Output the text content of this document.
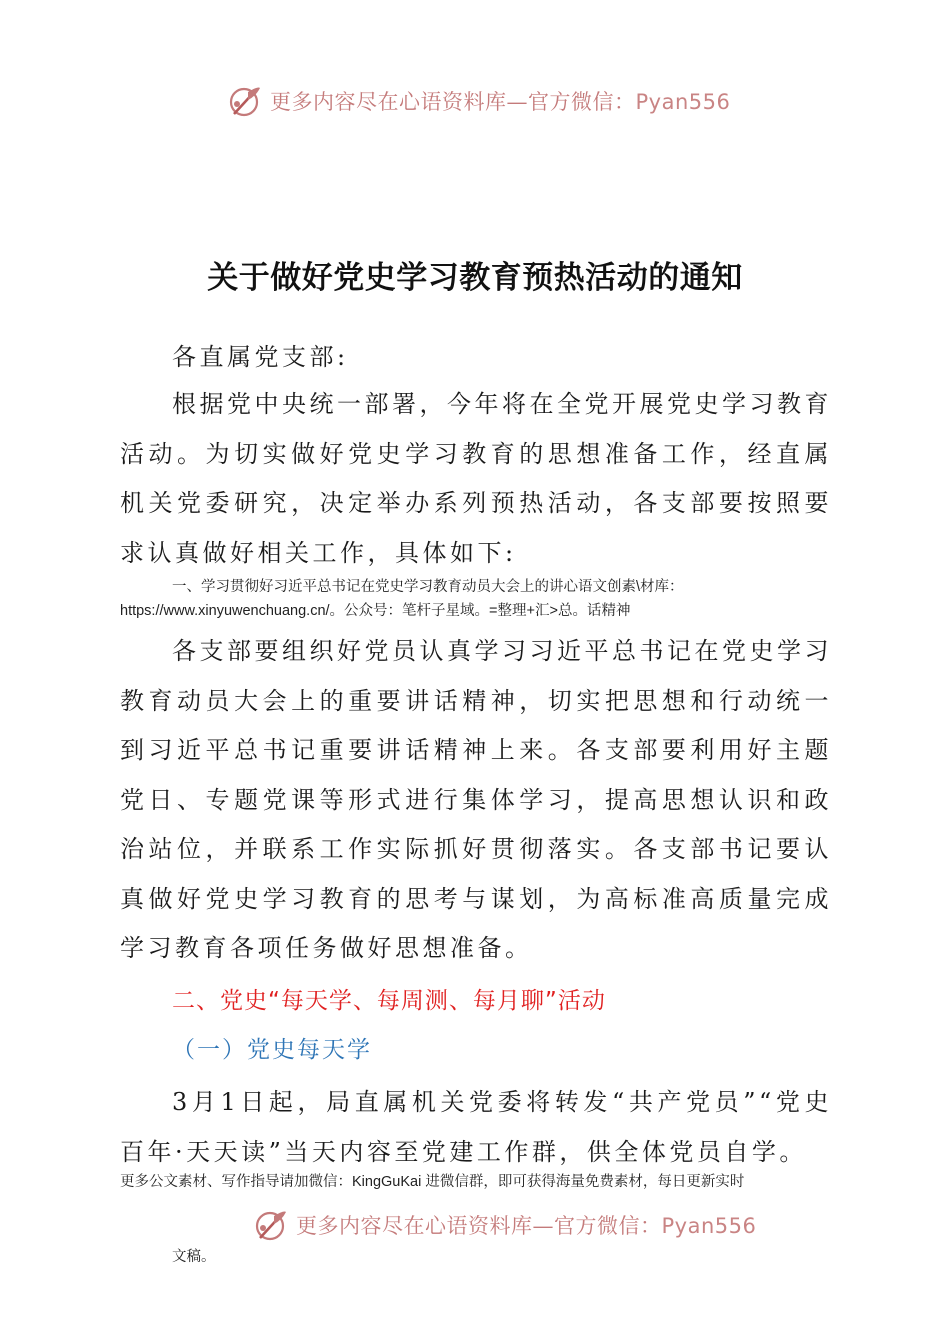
更多内容尽在心语资料库—官方微信：Pyan556
关于做好党史学习教育预热活动的通知

各直属党支部:

根据党中央统一部署，今年将在全党开展党史学习教育活动。为切实做好党史学习教育的思想准备工作，经直属机关党委研究，决定举办系列预热活动，各支部要按照要求认真做好相关工作，具体如下:

一、学习贯彻好习近平总书记在党史学习教育动员大会上的讲心语文创素\材库：https://www.xinyuwenchuang.cn/。公众号：笔杆子星域。=整理+汇>总。话精神

各支部要组织好党员认真学习习近平总书记在党史学习教育动员大会上的重要讲话精神，切实把思想和行动统一到习近平总书记重要讲话精神上来。各支部要利用好主题党日、专题党课等形式进行集体学习，提高思想认识和政治站位，并联系工作实际抓好贯彻落实。各支部书记要认真做好党史学习教育的思考与谋划，为高标准高质量完成学习教育各项任务做好思想准备。

二、党史“每天学、每周测、每月聊”活动
（一）党史每天学

3月1日起，局直属机关党委将转发“共产党员”“党史百年·天天读”当天内容至党建工作群，供全体党员自学。

更多公文素材、写作指导请加微信：KingGuKai 进微信群，即可获得海量免费素材，每日更新实时

更多内容尽在心语资料库—官方微信：Pyan556

文稿。
